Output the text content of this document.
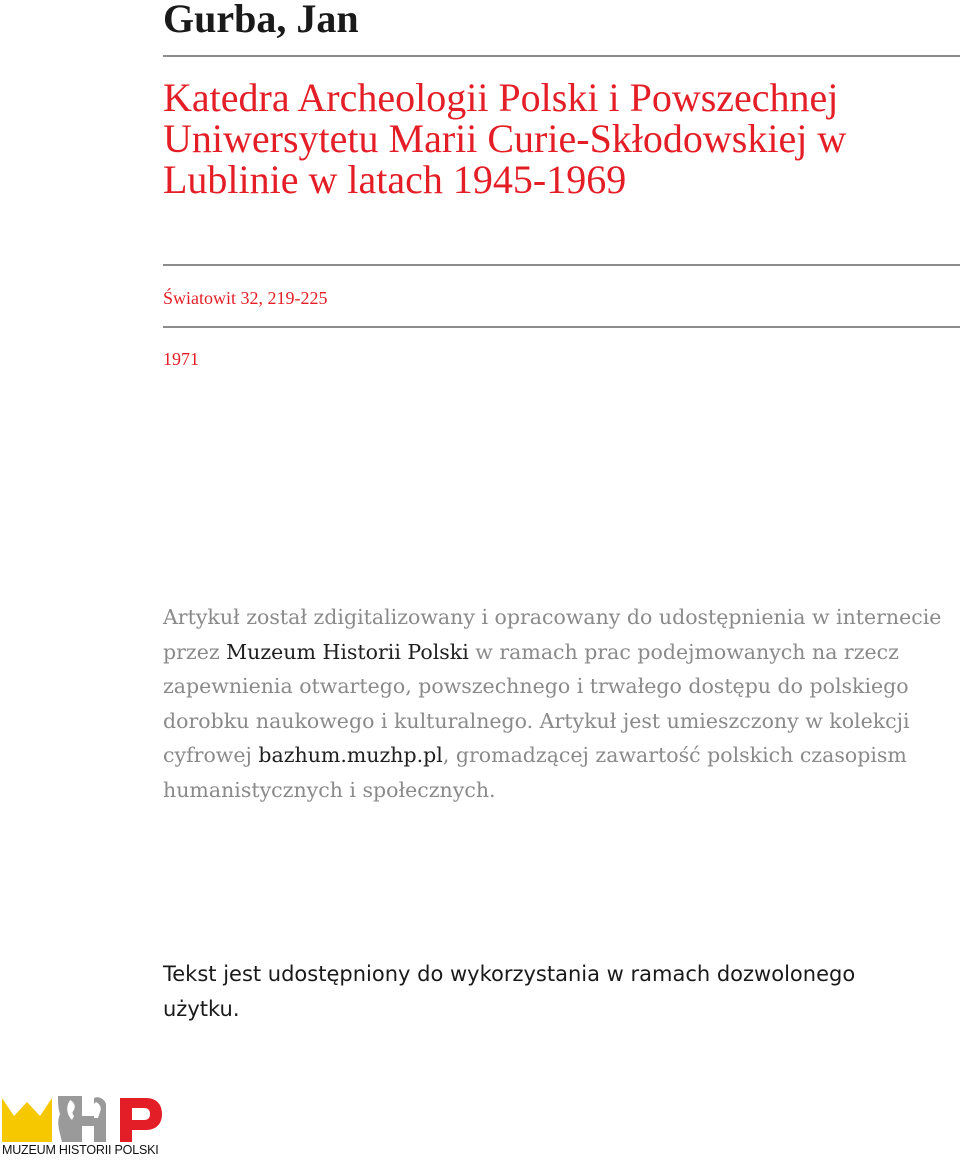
Gurba, Jan
Katedra Archeologii Polski i Powszechnej Uniwersytetu Marii Curie-Skłodowskiej w Lublinie w latach 1945-1969

Światowit 32, 219-225

1971

Artykuł został zdigitalizowany i opracowany do udostępnienia w internecie przez Muzeum Historii Polski w ramach prac podejmowanych na rzecz zapewnienia otwartego, powszechnego i trwałego dostępu do polskiego dorobku naukowego i kulturalnego. Artykuł jest umieszczony w kolekcji cyfrowej bazhum.muzhp.pl, gromadzącej zawartość polskich czasopism humanistycznych i społecznych.

Tekst jest udostępniony do wykorzystania w ramach dozwolonego użytku.

MUZEUM HISTORII POLSKI
